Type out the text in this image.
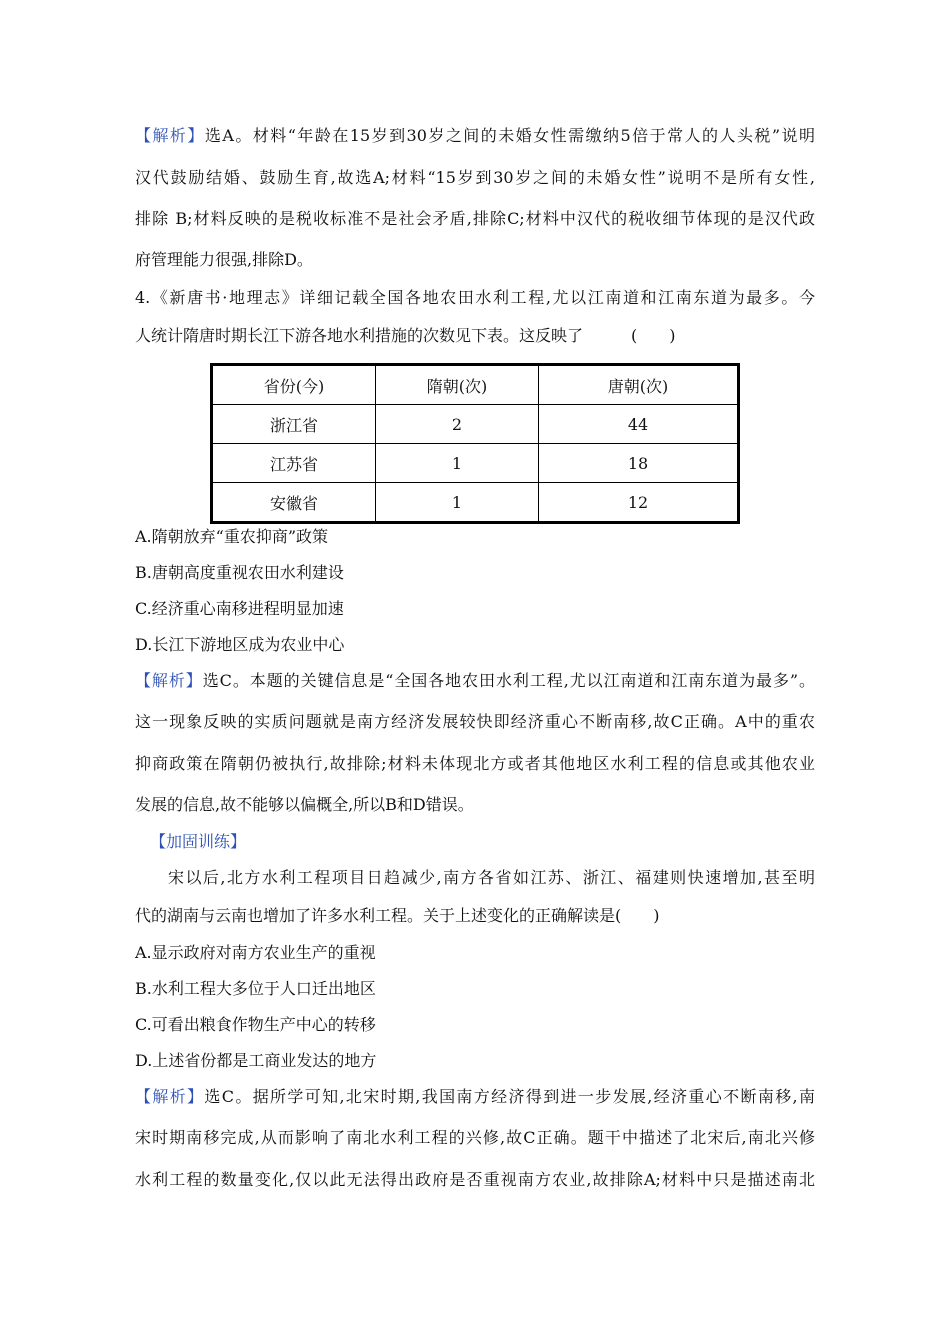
【解析】选A。材料“年龄在15岁到30岁之间的未婚女性需缴纳5倍于常人的人头税”说明
汉代鼓励结婚、鼓励生育,故选A;材料“15岁到30岁之间的未婚女性”说明不是所有女性,
排除 B;材料反映的是税收标准不是社会矛盾,排除C;材料中汉代的税收细节体现的是汉代政
府管理能力很强,排除D。
4.《新唐书·地理志》详细记载全国各地农田水利工程,尤以江南道和江南东道为最多。今
人统计隋唐时期长江下游各地水利措施的次数见下表。这反映了　　　(　　)
省份(今)	隋朝(次)	唐朝(次)
浙江省	2	44
江苏省	1	18
安徽省	1	12
A.隋朝放弃“重农抑商”政策
B.唐朝高度重视农田水利建设
C.经济重心南移进程明显加速
D.长江下游地区成为农业中心
【解析】选C。本题的关键信息是“全国各地农田水利工程,尤以江南道和江南东道为最多”。
这一现象反映的实质问题就是南方经济发展较快即经济重心不断南移,故C正确。A中的重农
抑商政策在隋朝仍被执行,故排除;材料未体现北方或者其他地区水利工程的信息或其他农业
发展的信息,故不能够以偏概全,所以B和D错误。
【加固训练】
宋以后,北方水利工程项目日趋减少,南方各省如江苏、浙江、福建则快速增加,甚至明
代的湖南与云南也增加了许多水利工程。关于上述变化的正确解读是(　　)
A.显示政府对南方农业生产的重视
B.水利工程大多位于人口迁出地区
C.可看出粮食作物生产中心的转移
D.上述省份都是工商业发达的地方
【解析】选C。据所学可知,北宋时期,我国南方经济得到进一步发展,经济重心不断南移,南
宋时期南移完成,从而影响了南北水利工程的兴修,故C正确。题干中描述了北宋后,南北兴修
水利工程的数量变化,仅以此无法得出政府是否重视南方农业,故排除A;材料中只是描述南北
